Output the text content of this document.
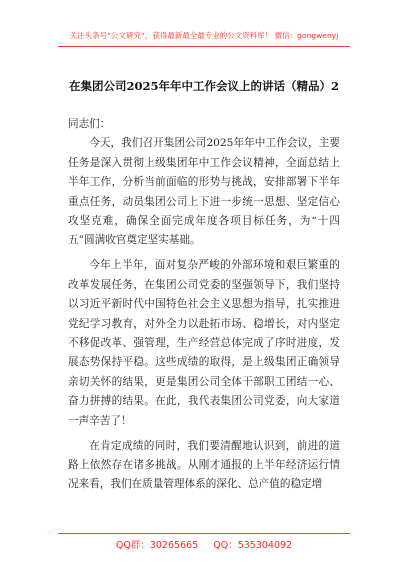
关注头条号“公文研究”，获得最新最全最专业的公文资料库！ 微信：gongwenyj
在集团公司2025年年中工作会议上的讲话（精品）2

同志们：

今天，我们召开集团公司2025年年中工作会议，主要任务是深入贯彻上级集团年中工作会议精神，全面总结上半年工作，分析当前面临的形势与挑战，安排部署下半年重点任务，动员集团公司上下进一步统一思想、坚定信心攻坚克难，确保全面完成年度各项目标任务，为“十四五”圆满收官奠定坚实基础。

今年上半年，面对复杂严峻的外部环境和艰巨繁重的改革发展任务，在集团公司党委的坚强领导下，我们坚持以习近平新时代中国特色社会主义思想为指导，扎实推进党纪学习教育，对外全力以赴拓市场、稳增长，对内坚定不移促改革、强管理，生产经营总体完成了序时进度，发展态势保持平稳。这些成绩的取得，是上级集团正确领导亲切关怀的结果，更是集团公司全体干部职工团结一心、奋力拼搏的结果。在此，我代表集团公司党委，向大家道一声辛苦了！

在肯定成绩的同时，我们要清醒地认识到，前进的道路上依然存在诸多挑战。从刚才通报的上半年经济运行情况来看，我们在质量管理体系的深化、总产值的稳定增

QQ群：30265665 QQ：535304092
